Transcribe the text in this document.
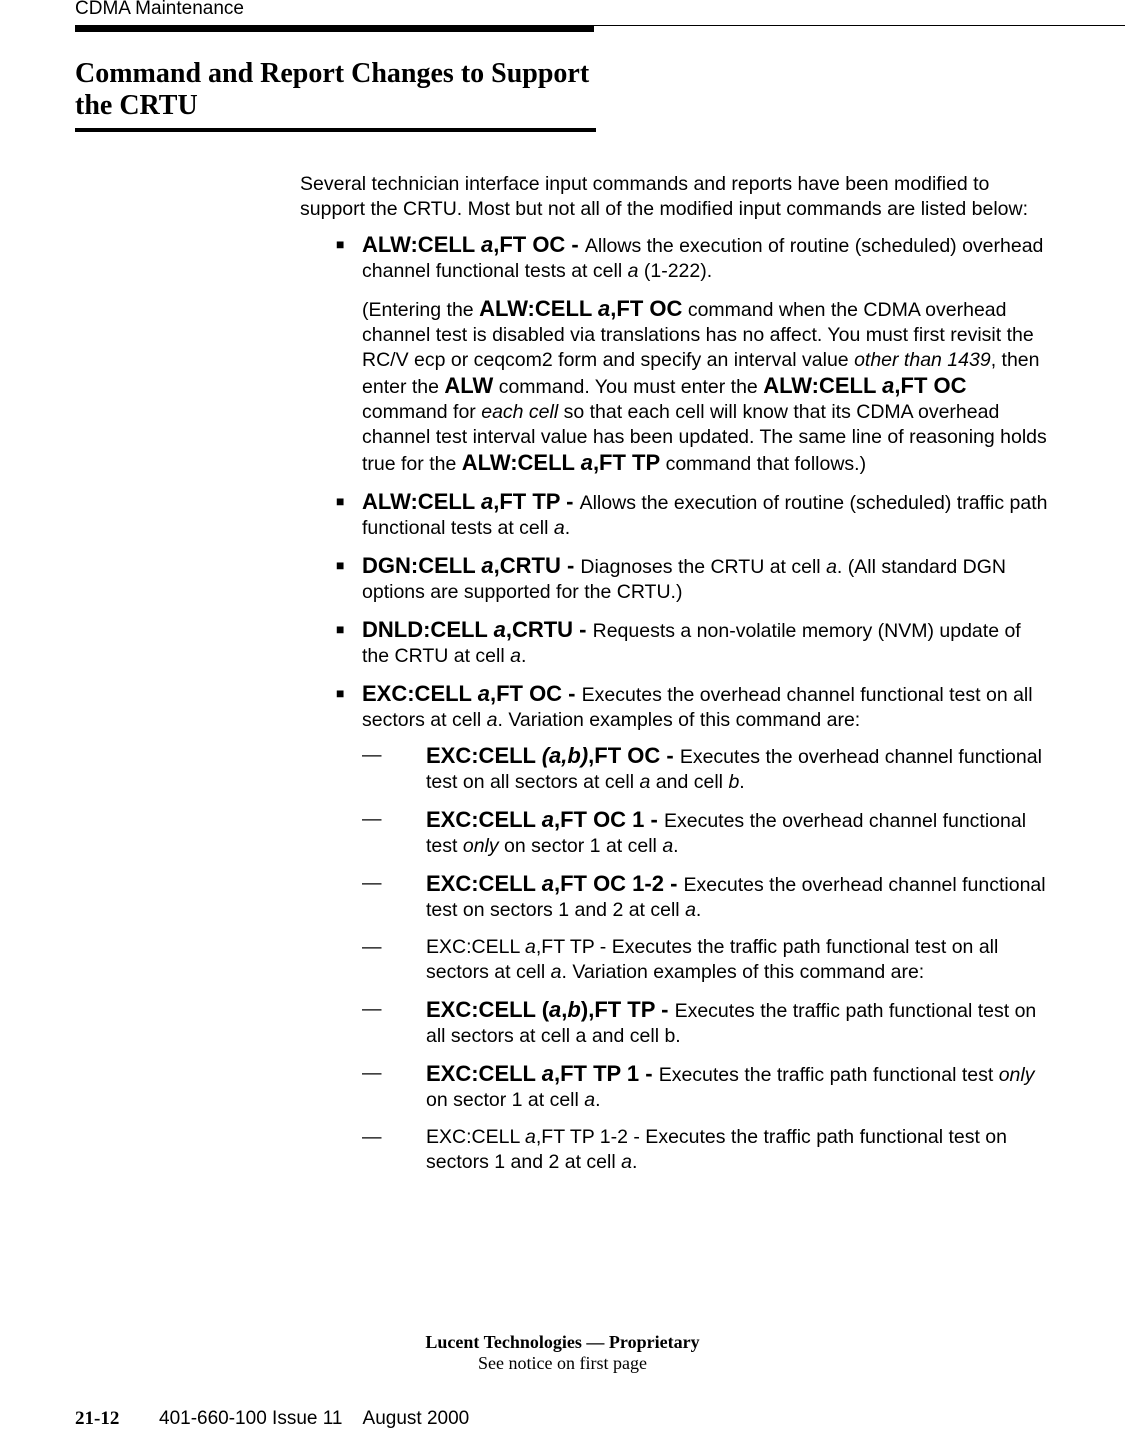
CDMA Maintenance
Command and Report Changes to Support the CRTU

Several technician interface input commands and reports have been modified to support the CRTU. Most but not all of the modified input commands are listed below:

■ ALW:CELL a,FT OC - Allows the execution of routine (scheduled) overhead channel functional tests at cell a (1-222).

(Entering the ALW:CELL a,FT OC command when the CDMA overhead channel test is disabled via translations has no affect. You must first revisit the RC/V ecp or ceqcom2 form and specify an interval value other than 1439, then enter the ALW command. You must enter the ALW:CELL a,FT OC command for each cell so that each cell will know that its CDMA overhead channel test interval value has been updated. The same line of reasoning holds true for the ALW:CELL a,FT TP command that follows.)

■ ALW:CELL a,FT TP - Allows the execution of routine (scheduled) traffic path functional tests at cell a.
■ DGN:CELL a,CRTU - Diagnoses the CRTU at cell a. (All standard DGN options are supported for the CRTU.)
■ DNLD:CELL a,CRTU - Requests a non-volatile memory (NVM) update of the CRTU at cell a.
■ EXC:CELL a,FT OC - Executes the overhead channel functional test on all sectors at cell a. Variation examples of this command are:
— EXC:CELL (a,b),FT OC - Executes the overhead channel functional test on all sectors at cell a and cell b.
— EXC:CELL a,FT OC 1 - Executes the overhead channel functional test only on sector 1 at cell a.
— EXC:CELL a,FT OC 1-2 - Executes the overhead channel functional test on sectors 1 and 2 at cell a.
— EXC:CELL a,FT TP - Executes the traffic path functional test on all sectors at cell a. Variation examples of this command are:
— EXC:CELL (a,b),FT TP - Executes the traffic path functional test on all sectors at cell a and cell b.
— EXC:CELL a,FT TP 1 - Executes the traffic path functional test only on sector 1 at cell a.
— EXC:CELL a,FT TP 1-2 - Executes the traffic path functional test on sectors 1 and 2 at cell a.
Lucent Technologies — Proprietary
See notice on first page
21-12 401-660-100 Issue 11    August 2000
